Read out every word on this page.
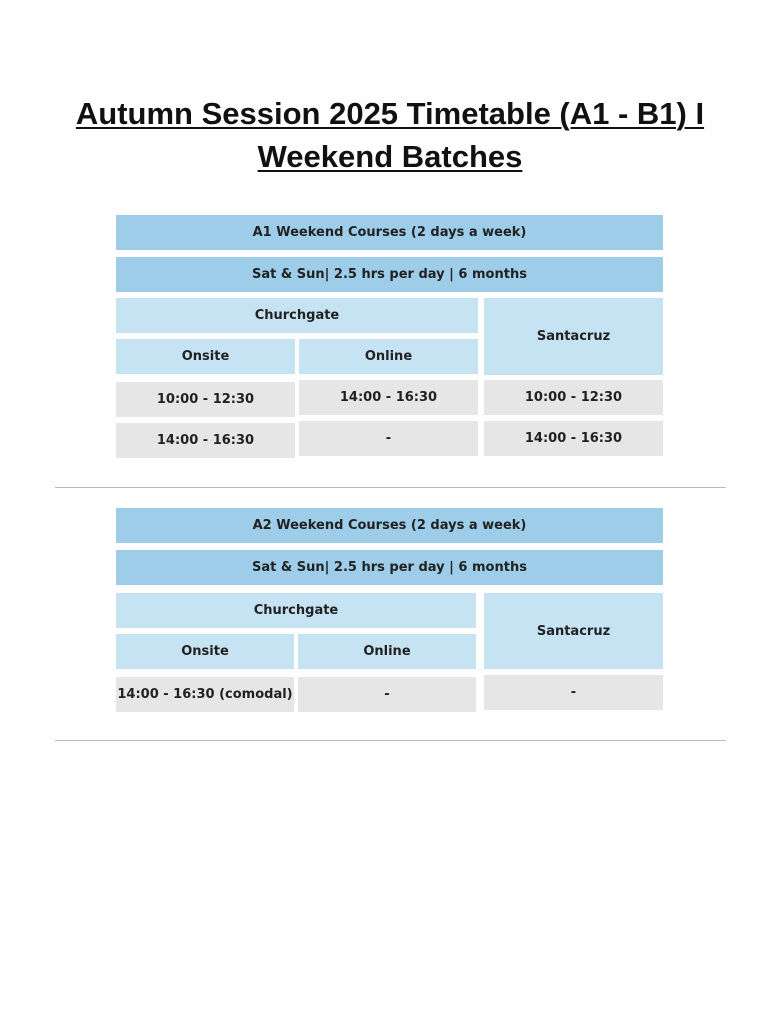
Autumn Session 2025 Timetable (A1 - B1) I
Weekend Batches
A1 Weekend Courses (2 days a week)
Sat & Sun| 2.5 hrs per day | 6 months
Churchgate
Santacruz
Onsite	Online
10:00 - 12:30	14:00 - 16:30	10:00 - 12:30
14:00 - 16:30	-	14:00 - 16:30
A2 Weekend Courses (2 days a week)
Sat & Sun| 2.5 hrs per day | 6 months
Churchgate
Santacruz
Onsite	Online
14:00 - 16:30 (comodal)	-	-
